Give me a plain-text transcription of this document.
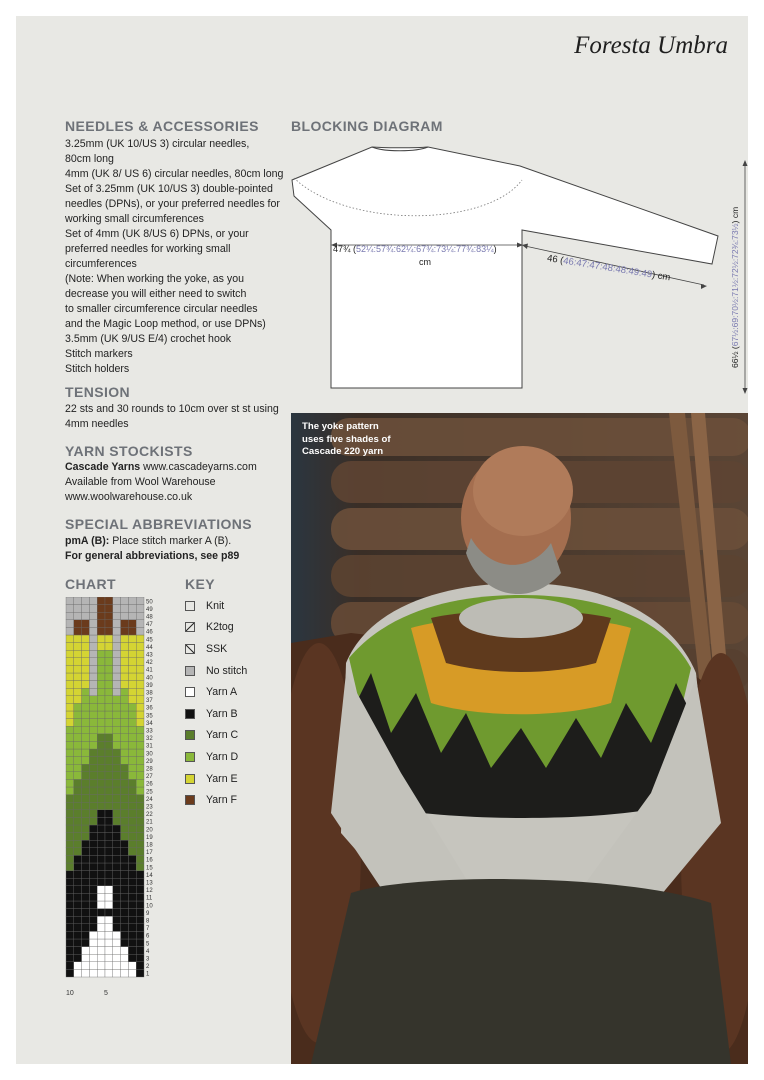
Foresta Umbra
NEEDLES & ACCESSORIES
3.25mm (UK 10/US 3) circular needles,
80cm long
4mm (UK 8/ US 6) circular needles, 80cm long
Set of 3.25mm (UK 10/US 3) double-pointed
needles (DPNs), or your preferred needles for
working small circumferences
Set of 4mm (UK 8/US 6) DPNs, or your
preferred needles for working small
circumferences
(Note: When working the yoke, as you
decrease you will either need to switch
to smaller circumference circular needles
and the Magic Loop method, or use DPNs)
3.5mm (UK 9/US E/4) crochet hook
Stitch markers
Stitch holders
TENSION
22 sts and 30 rounds to 10cm over st st using
4mm needles
YARN STOCKISTS
Cascade Yarns www.cascadeyarns.com
Available from Wool Warehouse
www.woolwarehouse.co.uk
SPECIAL ABBREVIATIONS
pmA (B): Place stitch marker A (B).
For general abbreviations, see p89
CHART
50
49
48
47
46
45
44
43
42
41
40
39
38
37
36
35
34
33
32
31
30
29
28
27
26
25
24
23
22
21
20
19
18
17
16
15
14
13
12
11
10
9
8
7
6
5
4
3
2
1
10	5
KEY
Knit
K2tog
SSK
No stitch
Yarn A
Yarn B
Yarn C
Yarn D
Yarn E
Yarn F
BLOCKING DIAGRAM
47¾ (52¼:57¾:62¼:67¾:73¼:77¾:83¼)
cm	46 (46:47:47:48:48:49:49) cm
66½ (67½:69:70½:71½:72½:72¾:73½) cm
The yoke pattern
uses five shades of
Cascade 220 yarn
